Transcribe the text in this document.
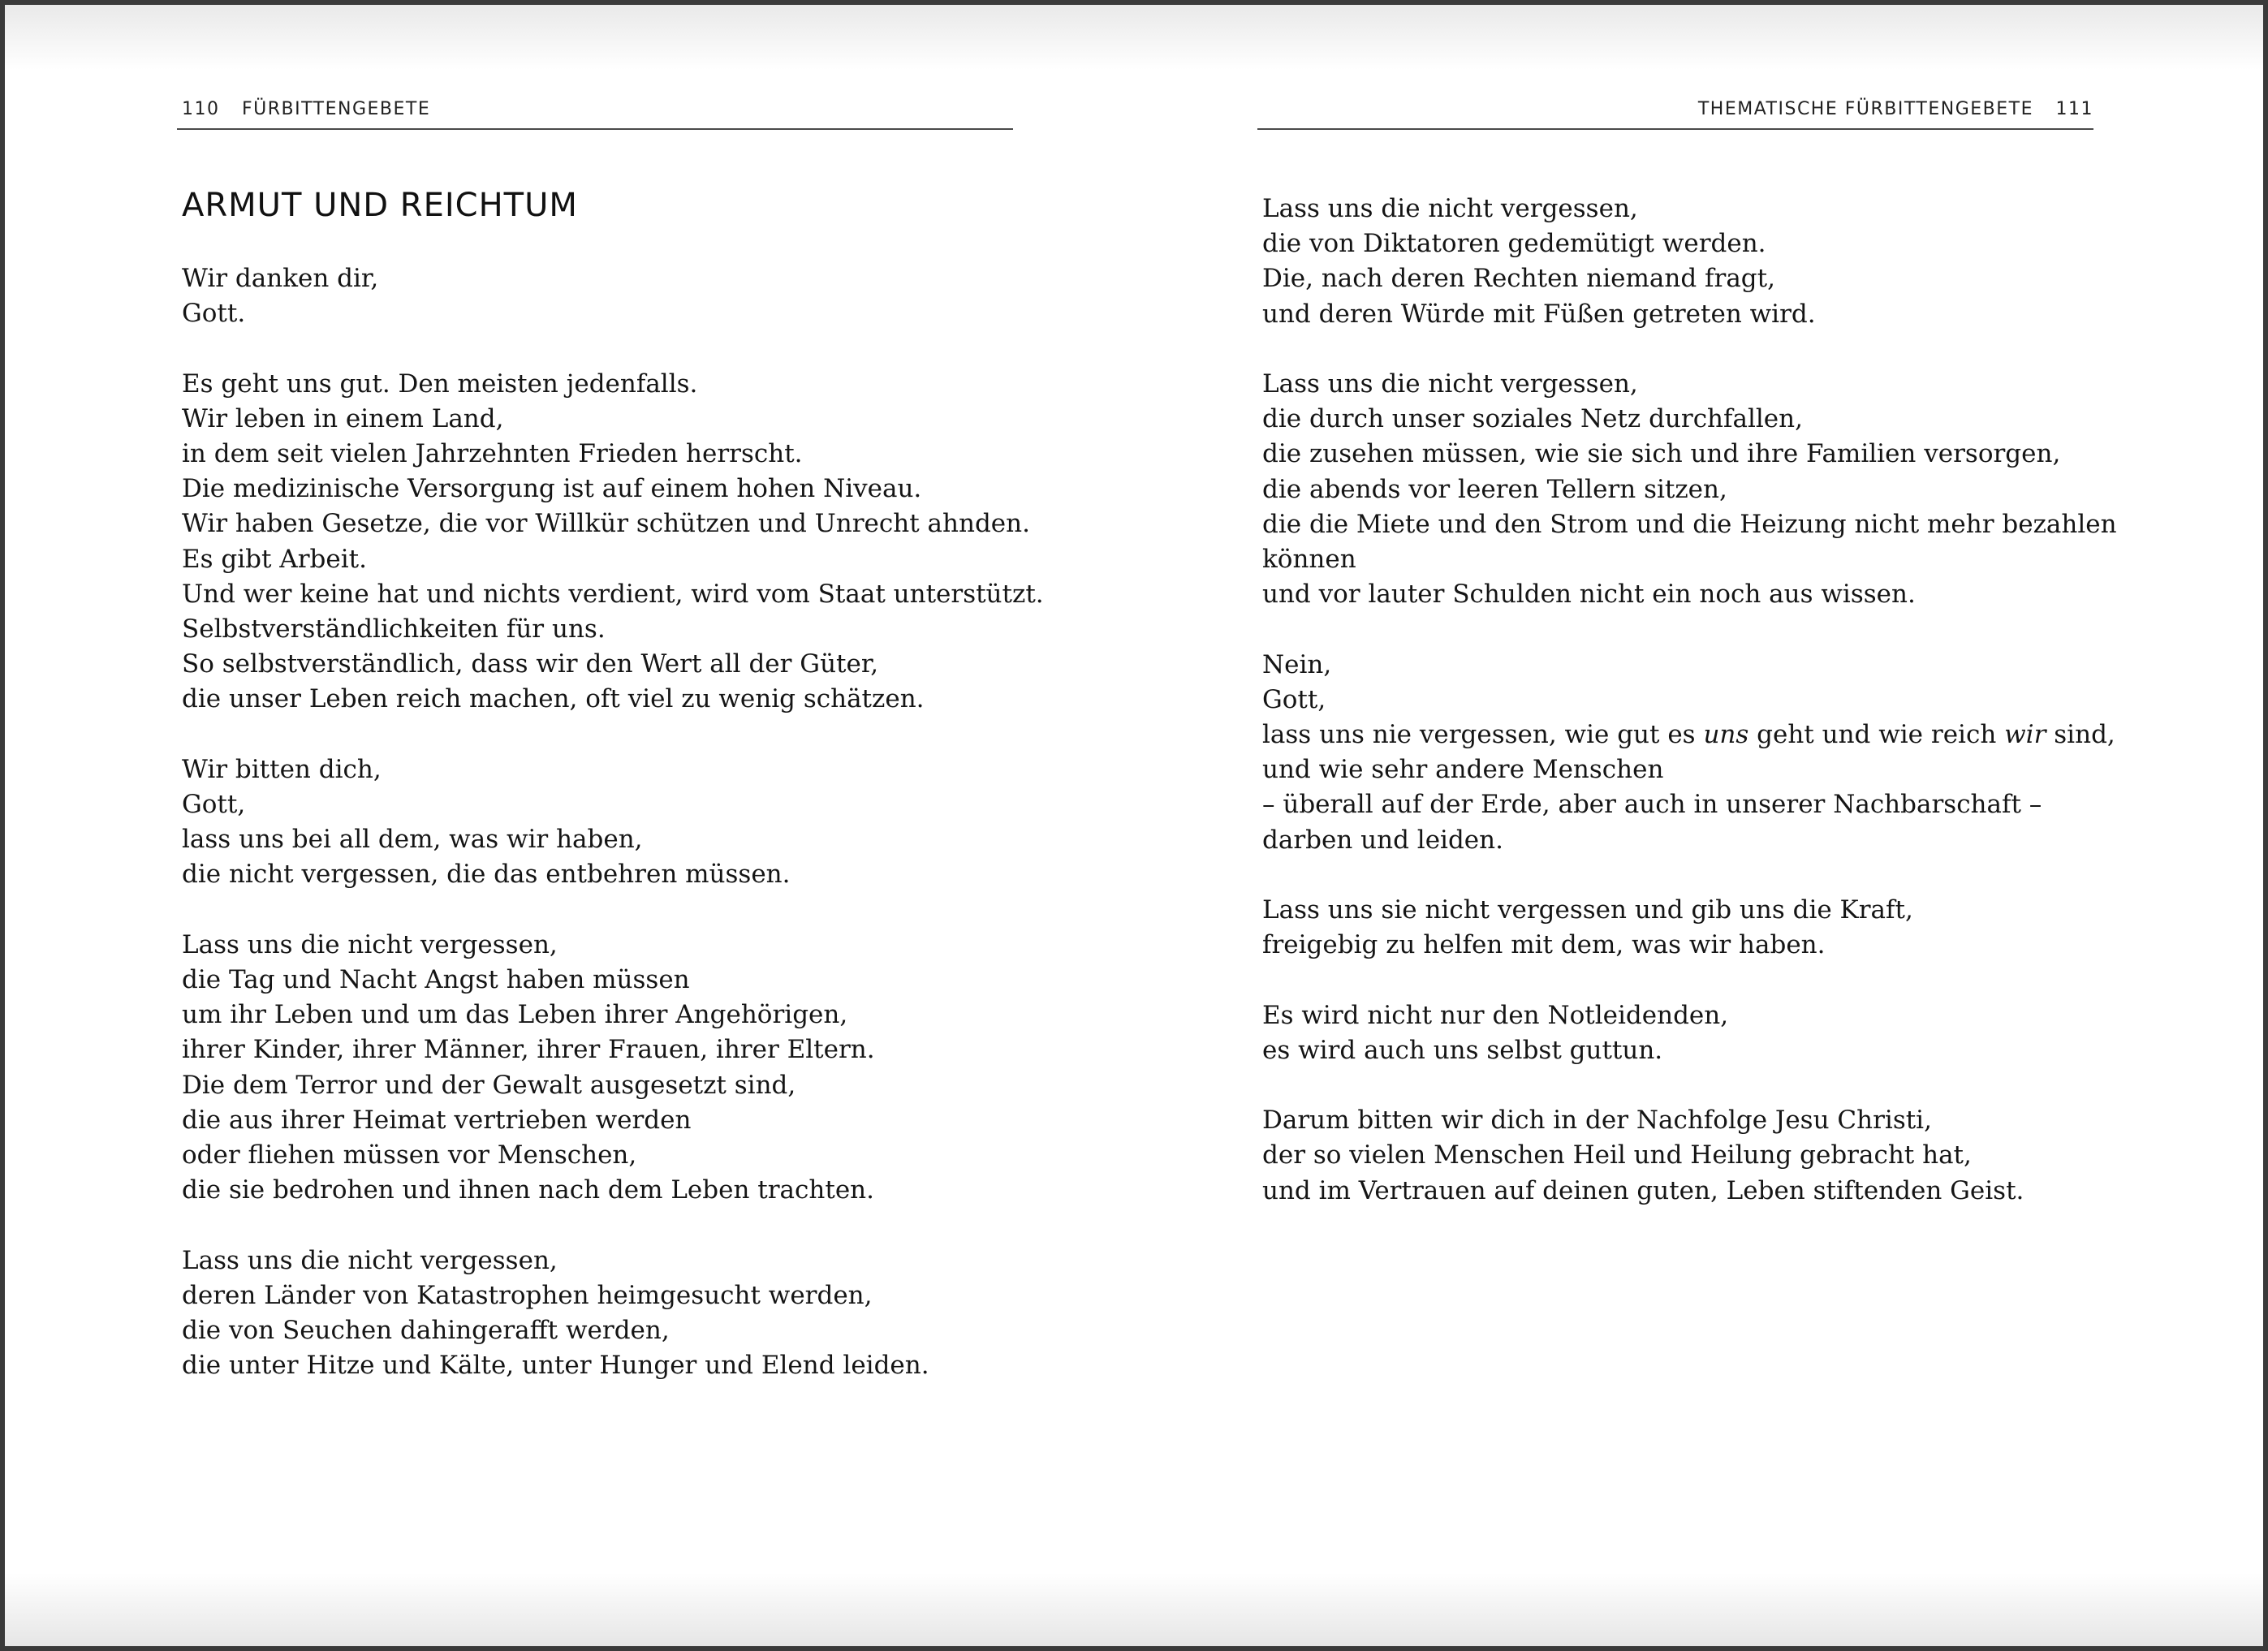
110 FÜRBITTENGEBETE
ARMUT UND REICHTUM

Wir danken dir,
Gott.

Es geht uns gut. Den meisten jedenfalls.
Wir leben in einem Land,
in dem seit vielen Jahrzehnten Frieden herrscht.
Die medizinische Versorgung ist auf einem hohen Niveau.
Wir haben Gesetze, die vor Willkür schützen und Unrecht ahnden.
Es gibt Arbeit.
Und wer keine hat und nichts verdient, wird vom Staat unterstützt.
Selbstverständlichkeiten für uns.
So selbstverständlich, dass wir den Wert all der Güter,
die unser Leben reich machen, oft viel zu wenig schätzen.

Wir bitten dich,
Gott,
lass uns bei all dem, was wir haben,
die nicht vergessen, die das entbehren müssen.

Lass uns die nicht vergessen,
die Tag und Nacht Angst haben müssen
um ihr Leben und um das Leben ihrer Angehörigen,
ihrer Kinder, ihrer Männer, ihrer Frauen, ihrer Eltern.
Die dem Terror und der Gewalt ausgesetzt sind,
die aus ihrer Heimat vertrieben werden
oder fliehen müssen vor Menschen,
die sie bedrohen und ihnen nach dem Leben trachten.

Lass uns die nicht vergessen,
deren Länder von Katastrophen heimgesucht werden,
die von Seuchen dahingerafft werden,
die unter Hitze und Kälte, unter Hunger und Elend leiden.

THEMATISCHE FÜRBITTENGEBETE 111

Lass uns die nicht vergessen,
die von Diktatoren gedemütigt werden.
Die, nach deren Rechten niemand fragt,
und deren Würde mit Füßen getreten wird.

Lass uns die nicht vergessen,
die durch unser soziales Netz durchfallen,
die zusehen müssen, wie sie sich und ihre Familien versorgen,
die abends vor leeren Tellern sitzen,
die die Miete und den Strom und die Heizung nicht mehr bezahlen
können
und vor lauter Schulden nicht ein noch aus wissen.

Nein,
Gott,
lass uns nie vergessen, wie gut es uns geht und wie reich wir sind,
und wie sehr andere Menschen
– überall auf der Erde, aber auch in unserer Nachbarschaft –
darben und leiden.

Lass uns sie nicht vergessen und gib uns die Kraft,
freigebig zu helfen mit dem, was wir haben.

Es wird nicht nur den Notleidenden,
es wird auch uns selbst guttun.

Darum bitten wir dich in der Nachfolge Jesu Christi,
der so vielen Menschen Heil und Heilung gebracht hat,
und im Vertrauen auf deinen guten, Leben stiftenden Geist.
